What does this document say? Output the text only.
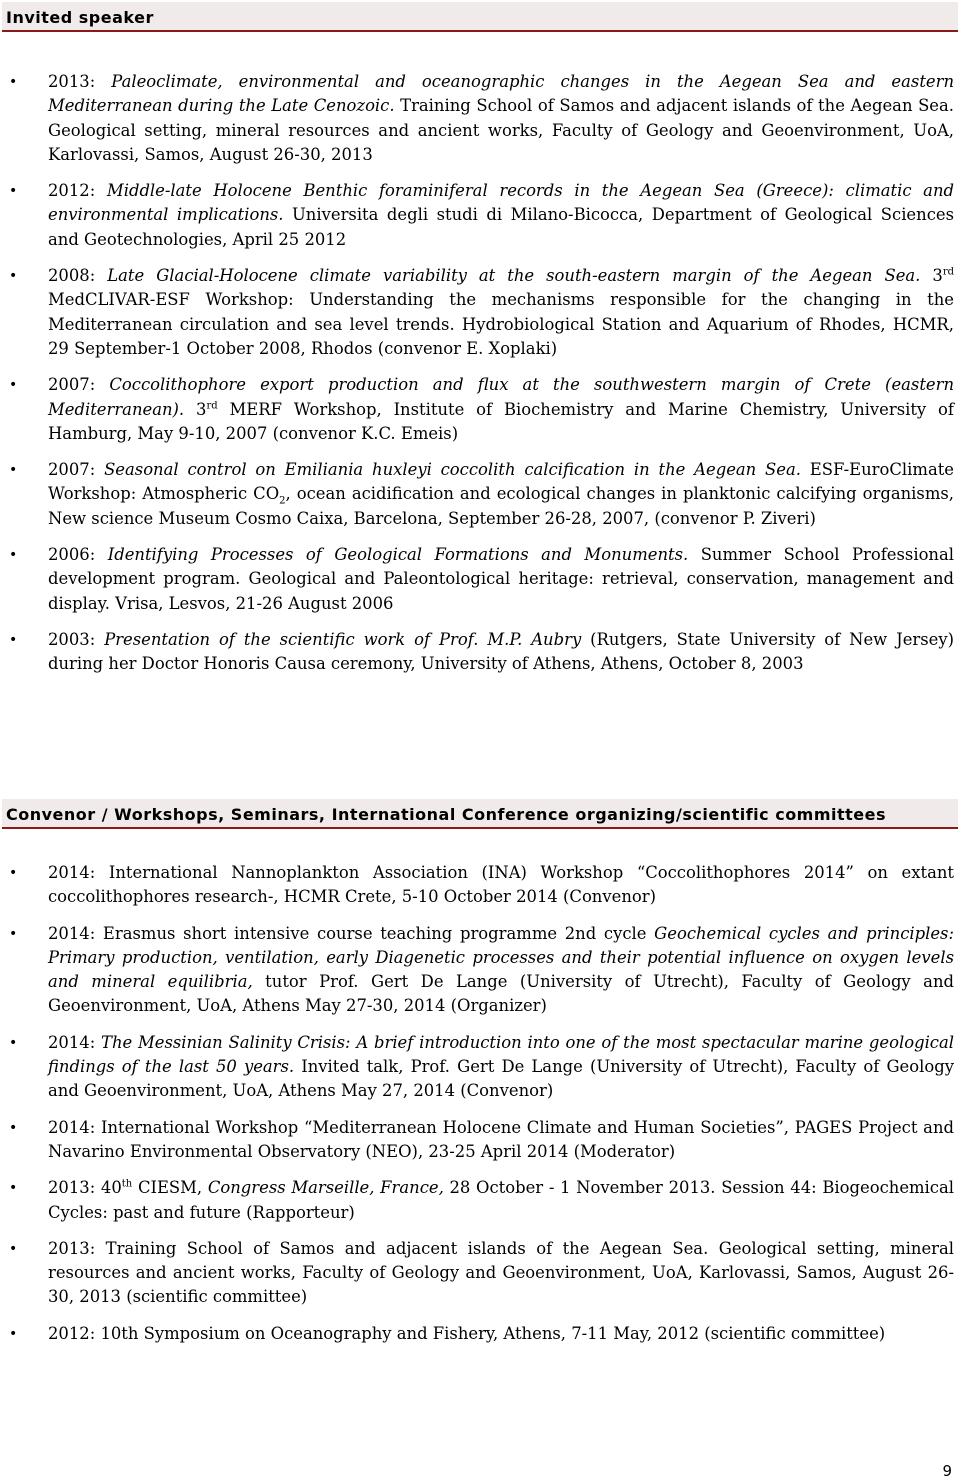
Invited speaker
• 2013: Paleoclimate, environmental and oceanographic changes in the Aegean Sea and eastern Mediterranean during the Late Cenozoic. Training School of Samos and adjacent islands of the Aegean Sea. Geological setting, mineral resources and ancient works, Faculty of Geology and Geoenvironment, UoA, Karlovassi, Samos, August 26-30, 2013
• 2012: Middle-late Holocene Benthic foraminiferal records in the Aegean Sea (Greece): climatic and environmental implications. Universita degli studi di Milano-Bicocca, Department of Geological Sciences and Geotechnologies, April 25 2012
• 2008: Late Glacial-Holocene climate variability at the south-eastern margin of the Aegean Sea. 3rd MedCLIVAR-ESF Workshop: Understanding the mechanisms responsible for the changing in the Mediterranean circulation and sea level trends. Hydrobiological Station and Aquarium of Rhodes, HCMR, 29 September-1 October 2008, Rhodos (convenor E. Xoplaki)
• 2007: Coccolithophore export production and flux at the southwestern margin of Crete (eastern Mediterranean). 3rd MERF Workshop, Institute of Biochemistry and Marine Chemistry, University of Hamburg, May 9-10, 2007 (convenor K.C. Emeis)
• 2007: Seasonal control on Emiliania huxleyi coccolith calcification in the Aegean Sea. ESF-EuroClimate Workshop: Atmospheric $CO_2$, ocean acidification and ecological changes in planktonic calcifying organisms, New science Museum Cosmo Caixa, Barcelona, September 26-28, 2007, (convenor P. Ziveri)
• 2006: Identifying Processes of Geological Formations and Monuments. Summer School Professional development program. Geological and Paleontological heritage: retrieval, conservation, management and display. Vrisa, Lesvos, 21-26 August 2006
• 2003: Presentation of the scientific work of Prof. M.P. Aubry (Rutgers, State University of New Jersey) during her Doctor Honoris Causa ceremony, University of Athens, Athens, October 8, 2003
Convenor / Workshops, Seminars, International Conference organizing/scientific committees
• 2014: International Nannoplankton Association (INA) Workshop “Coccolithophores 2014” on extant coccolithophores research-, HCMR Crete, 5-10 October 2014 (Convenor)
• 2014: Erasmus short intensive course teaching programme 2nd cycle Geochemical cycles and principles: Primary production, ventilation, early Diagenetic processes and their potential influence on oxygen levels and mineral equilibria, tutor Prof. Gert De Lange (University of Utrecht), Faculty of Geology and Geoenvironment, UoA, Athens May 27-30, 2014 (Organizer)
• 2014: The Messinian Salinity Crisis: A brief introduction into one of the most spectacular marine geological findings of the last 50 years. Invited talk, Prof. Gert De Lange (University of Utrecht), Faculty of Geology and Geoenvironment, UoA, Athens May 27, 2014 (Convenor)
• 2014: International Workshop “Mediterranean Holocene Climate and Human Societies”, PAGES Project and Navarino Environmental Observatory (NEO), 23-25 April 2014 (Moderator)
• 2013: 40th CIESM, Congress Marseille, France, 28 October - 1 November 2013. Session 44: Biogeochemical Cycles: past and future (Rapporteur)
• 2013: Training School of Samos and adjacent islands of the Aegean Sea. Geological setting, mineral resources and ancient works, Faculty of Geology and Geoenvironment, UoA, Karlovassi, Samos, August 26-30, 2013 (scientific committee)
• 2012: 10th Symposium on Oceanography and Fishery, Athens, 7-11 May, 2012 (scientific committee)
9
